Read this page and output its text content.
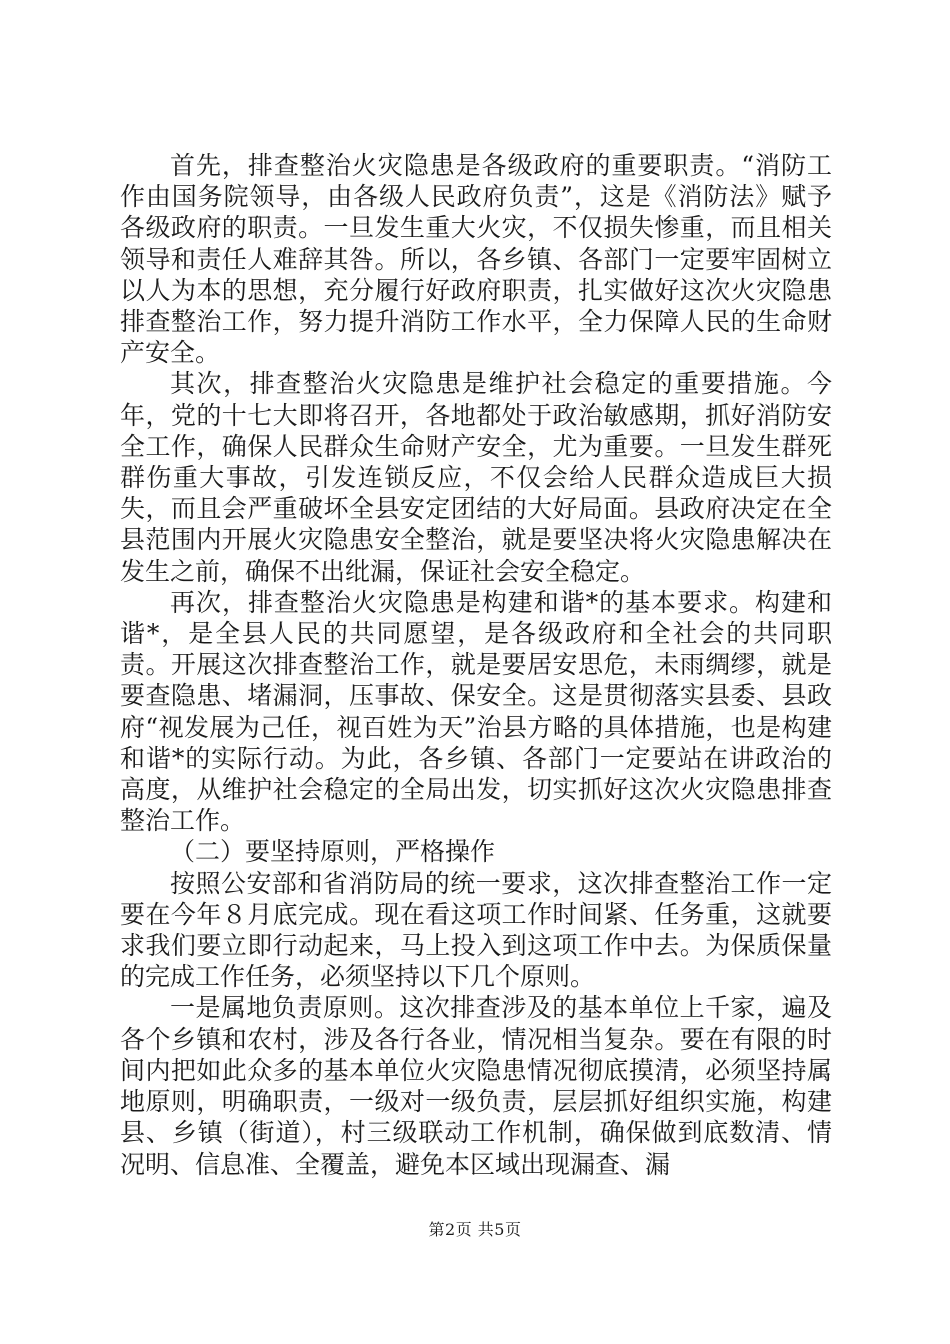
首先，排查整治火灾隐患是各级政府的重要职责。“消防工作由国务院领导，由各级人民政府负责”，这是《消防法》赋予各级政府的职责。一旦发生重大火灾，不仅损失惨重，而且相关领导和责任人难辞其咎。所以，各乡镇、各部门一定要牢固树立以人为本的思想，充分履行好政府职责，扎实做好这次火灾隐患排查整治工作，努力提升消防工作水平，全力保障人民的生命财产安全。

其次，排查整治火灾隐患是维护社会稳定的重要措施。今年，党的十七大即将召开，各地都处于政治敏感期，抓好消防安全工作，确保人民群众生命财产安全，尤为重要。一旦发生群死群伤重大事故，引发连锁反应，不仅会给人民群众造成巨大损失，而且会严重破坏全县安定团结的大好局面。县政府决定在全县范围内开展火灾隐患安全整治，就是要坚决将火灾隐患解决在发生之前，确保不出纰漏，保证社会安全稳定。

再次，排查整治火灾隐患是构建和谐*的基本要求。构建和谐*，是全县人民的共同愿望，是各级政府和全社会的共同职责。开展这次排查整治工作，就是要居安思危，未雨绸缪，就是要查隐患、堵漏洞，压事故、保安全。这是贯彻落实县委、县政府“视发展为己任，视百姓为天”治县方略的具体措施，也是构建和谐*的实际行动。为此，各乡镇、各部门一定要站在讲政治的高度，从维护社会稳定的全局出发，切实抓好这次火灾隐患排查整治工作。

（二）要坚持原则，严格操作

按照公安部和省消防局的统一要求，这次排查整治工作一定要在今年８月底完成。现在看这项工作时间紧、任务重，这就要求我们要立即行动起来，马上投入到这项工作中去。为保质保量的完成工作任务，必须坚持以下几个原则。

一是属地负责原则。这次排查涉及的基本单位上千家，遍及各个乡镇和农村，涉及各行各业，情况相当复杂。要在有限的时间内把如此众多的基本单位火灾隐患情况彻底摸清，必须坚持属地原则，明确职责，一级对一级负责，层层抓好组织实施，构建县、乡镇（街道），村三级联动工作机制，确保做到底数清、情况明、信息准、全覆盖，避免本区域出现漏查、漏

第2页 共5页
